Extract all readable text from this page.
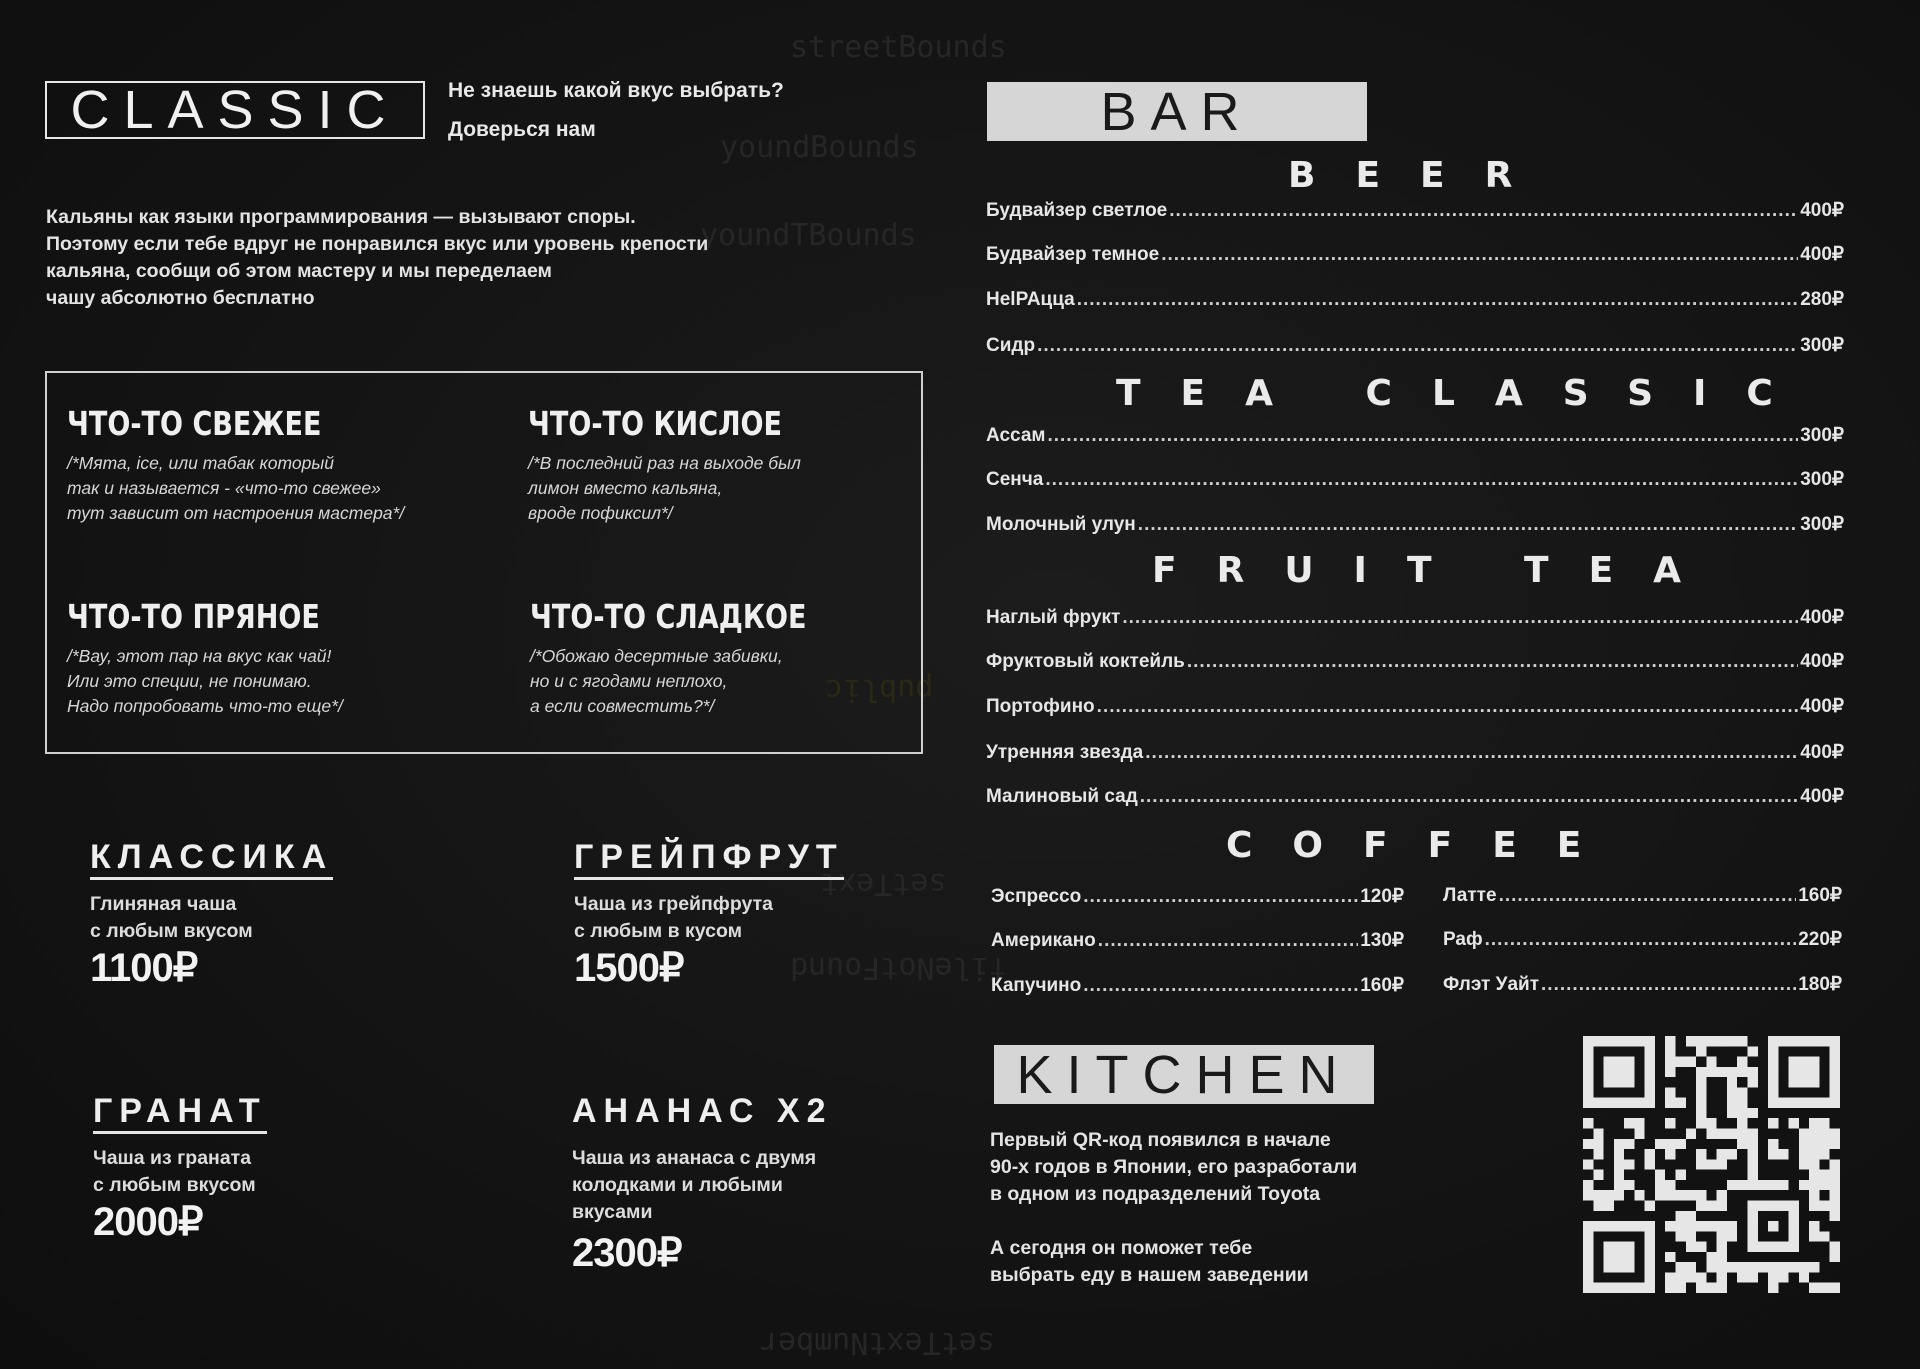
streetBounds
youndBounds
youndTBounds
public
setText
fileNotFound
setTextNumber
CLASSIC	Не знаешь какой вкус выбрать?
Доверься нам
Кальяны как языки программирования — вызывают споры.
Поэтому если тебе вдруг не понравился вкус или уровень крепости
кальяна, сообщи об этом мастеру и мы переделаем
чашу абсолютно бесплатно
ЧТО-ТО СВЕЖЕЕ
/*Мята, ice, или табак который
так и называется - «что-то свежее»
тут зависит от настроения мастера*/
ЧТО-ТО КИСЛОЕ
/*В последний раз на выходе был
лимон вместо кальяна,
вроде пофиксил*/
ЧТО-ТО ПРЯНОЕ
/*Вау, этот пар на вкус как чай!
Или это специи, не понимаю.
Надо попробовать что-то еще*/
ЧТО-ТО СЛАДКОЕ
/*Обожаю десертные забивки,
но и с ягодами неплохо,
а если совместить?*/
КЛАССИКА
Глиняная чаша
с любым вкусом
1100₽
ГРЕЙПФРУТ
Чаша из грейпфрута
с любым в кусом
1500₽
ГРАНАТ
Чаша из граната
с любым вкусом
2000₽
АНАНАС X2
Чаша из ананаса с двумя
колодками и любыми
вкусами
2300₽
BAR
BEER
Будвайзер светлое .....	400₽
Будвайзер темное .....	400₽
HelPAцца .....	280₽
Сидр .....	300₽
TEA CLASSIC
Ассам .....	300₽
Сенча .....	300₽
Молочный улун .....	300₽
FRUIT TEA
Наглый фрукт .....	400₽
Фруктовый коктейль .....	400₽
Портофино .....	400₽
Утренняя звезда .....	400₽
Малиновый сад .....	400₽
COFFEE
Эспрессо .....	120₽
Американо .....	130₽
Капучино .....	160₽
Латте .....	160₽
Раф .....	220₽
Флэт Уайт .....	180₽
KITCHEN
Первый QR-код появился в начале
90-х годов в Японии, его разработали
в одном из подразделений Toyota
А сегодня он поможет тебе
выбрать еду в нашем заведении
